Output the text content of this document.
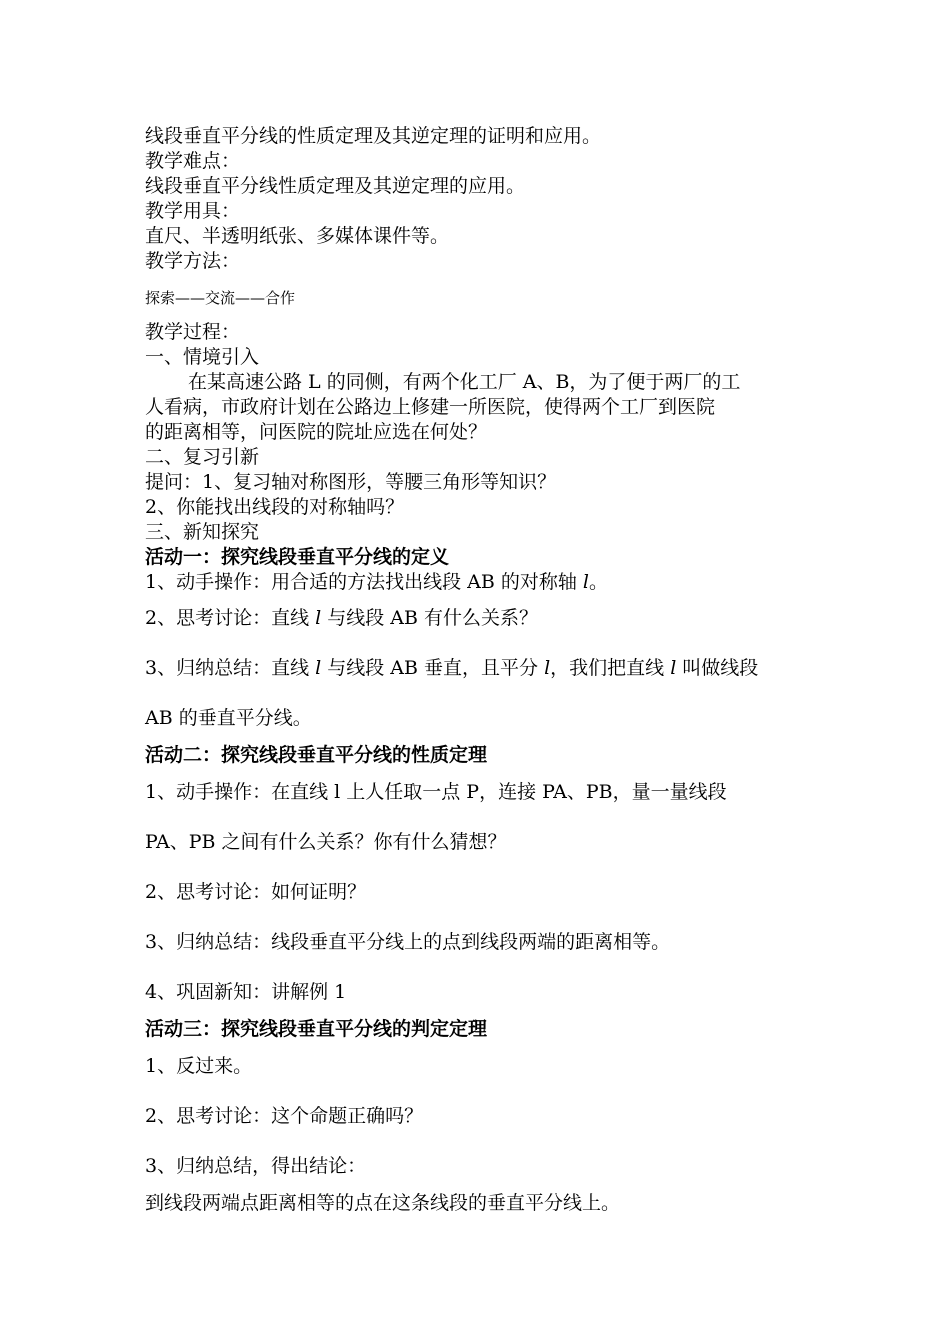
线段垂直平分线的性质定理及其逆定理的证明和应用。
教学难点：
线段垂直平分线性质定理及其逆定理的应用。
教学用具：
直尺、半透明纸张、多媒体课件等。
教学方法：
探索——交流——合作
教学过程：
一、情境引入
在某高速公路 L 的同侧，有两个化工厂 A、B，为了便于两厂的工
人看病，市政府计划在公路边上修建一所医院，使得两个工厂到医院
的距离相等，问医院的院址应选在何处？
二、复习引新
提问：1、复习轴对称图形，等腰三角形等知识？
2、你能找出线段的对称轴吗？
三、新知探究
活动一：探究线段垂直平分线的定义
1、动手操作：用合适的方法找出线段 AB 的对称轴 l。
2、思考讨论：直线 l 与线段 AB 有什么关系？
3、归纳总结：直线 l 与线段 AB 垂直，且平分 l，我们把直线 l 叫做线段
AB 的垂直平分线。
活动二：探究线段垂直平分线的性质定理
1、动手操作：在直线 l 上人任取一点 P，连接 PA、PB，量一量线段
PA、PB 之间有什么关系？你有什么猜想？
2、思考讨论：如何证明？
3、归纳总结：线段垂直平分线上的点到线段两端的距离相等。
4、巩固新知：讲解例 1
活动三：探究线段垂直平分线的判定定理
1、反过来。
2、思考讨论：这个命题正确吗？
3、归纳总结，得出结论：
到线段两端点距离相等的点在这条线段的垂直平分线上。
